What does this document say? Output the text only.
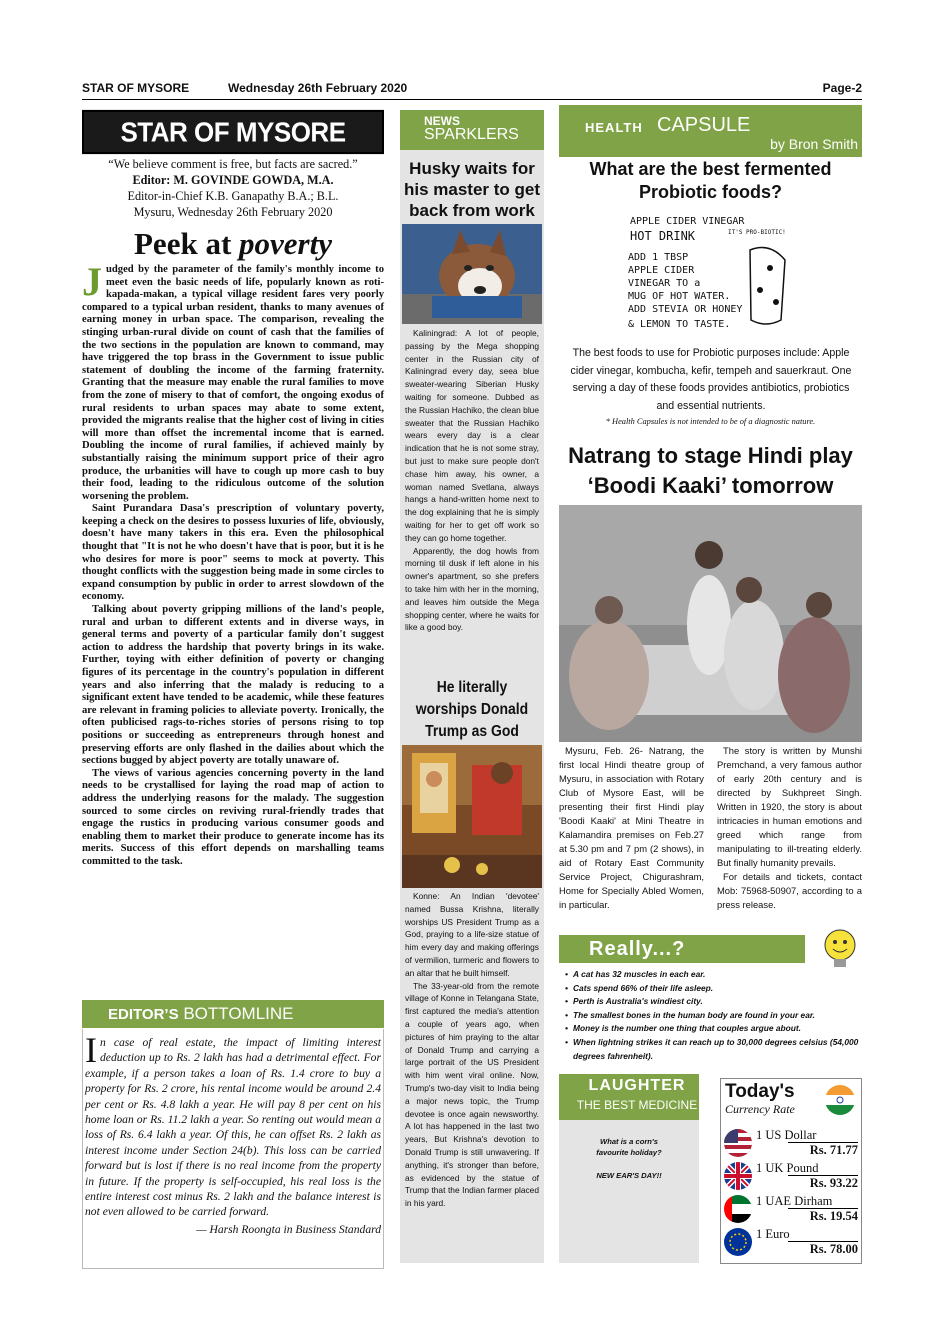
STAR OF MYSORE	Wednesday 26th February 2020	Page-2
STAR OF MYSORE
“We believe comment is free, but facts are sacred.”
Editor: M. GOVINDE GOWDA, M.A.
Editor-in-Chief K.B. Ganapathy B.A.; B.L.
Mysuru, Wednesday 26th February 2020
Peek at poverty

Judged by the parameter of the family's monthly income to meet even the basic needs of life, popularly known as roti-kapada-makan, a typical village resident fares very poorly compared to a typical urban resident, thanks to many avenues of earning money in urban space. The comparison, revealing the stinging urban-rural divide on count of cash that the families of the two sections in the population are known to command, may have triggered the top brass in the Government to issue public statement of doubling the income of the farming fraternity. Granting that the measure may enable the rural families to move from the zone of misery to that of comfort, the ongoing exodus of rural residents to urban spaces may abate to some extent, provided the migrants realise that the higher cost of living in cities will more than offset the incremental income that is earned. Doubling the income of rural families, if achieved mainly by substantially raising the minimum support price of their agro produce, the urbanities will have to cough up more cash to buy their food, leading to the ridiculous outcome of the solution worsening the problem.

Saint Purandara Dasa's prescription of voluntary poverty, keeping a check on the desires to possess luxuries of life, obviously, doesn't have many takers in this era. Even the philosophical thought that "It is not he who doesn't have that is poor, but it is he who desires for more is poor" seems to mock at poverty. This thought conflicts with the suggestion being made in some circles to expand consumption by public in order to arrest slowdown of the economy.

Talking about poverty gripping millions of the land's people, rural and urban to different extents and in diverse ways, in general terms and poverty of a particular family don't suggest action to address the hardship that poverty brings in its wake. Further, toying with either definition of poverty or changing figures of its percentage in the country's population in different years and also inferring that the malady is reducing to a significant extent have tended to be academic, while these features are relevant in framing policies to alleviate poverty. Ironically, the often publicised rags-to-riches stories of persons rising to top positions or succeeding as entrepreneurs through honest and preserving efforts are only flashed in the dailies about which the sections bugged by abject poverty are totally unaware of.

The views of various agencies concerning poverty in the land needs to be crystallised for laying the road map of action to address the underlying reasons for the malady. The suggestion sourced to some circles on reviving rural-friendly trades that engage the rustics in producing various consumer goods and enabling them to market their produce to generate income has its merits. Success of this effort depends on marshalling teams committed to the task.

EDITOR’S BOTTOMLINE
In case of real estate, the impact of limiting interest deduction up to Rs. 2 lakh has had a detrimental effect. For example, if a person takes a loan of Rs. 1.4 crore to buy a property for Rs. 2 crore, his rental income would be around 2.4 per cent or Rs. 4.8 lakh a year. He will pay 8 per cent on his home loan or Rs. 11.2 lakh a year. So renting out would mean a loss of Rs. 6.4 lakh a year. Of this, he can offset Rs. 2 lakh as interest income under Section 24(b). This loss can be carried forward but is lost if there is no real income from the property in future. If the property is self-occupied, his real loss is the entire interest cost minus Rs. 2 lakh and the balance interest is not even allowed to be carried forward.
— Harsh Roongta in Business Standard
NEWS
SPARKLERS
Husky waits for his master to get back from work

Kaliningrad: A lot of people, passing by the Mega shopping center in the Russian city of Kaliningrad every day, seea blue sweater-wearing Siberian Husky waiting for someone. Dubbed as the Russian Hachiko, the clean blue sweater that the Russian Hachiko wears every day is a clear indication that he is not some stray, but just to make sure people don't chase him away, his owner, a woman named Svetlana, always hangs a hand-written home next to the dog explaining that he is simply waiting for her to get off work so they can go home together.

Apparently, the dog howls from morning til dusk if left alone in his owner's apartment, so she prefers to take him with her in the morning, and leaves him outside the Mega shopping center, where he waits for like a good boy.

He literally worships Donald Trump as God

Konne: An Indian 'devotee' named Bussa Krishna, literally worships US President Trump as a God, praying to a life-size statue of him every day and making offerings of vermilion, turmeric and flowers to an altar that he built himself.

The 33-year-old from the remote village of Konne in Telangana State, first captured the media's attention a couple of years ago, when pictures of him praying to the altar of Donald Trump and carrying a large portrait of the US President with him went viral online. Now, Trump's two-day visit to India being a major news topic, the Trump devotee is once again newsworthy. A lot has happened in the last two years, But Krishna's devotion to Donald Trump is still unwavering. If anything, it's stronger than before, as evidenced by the statue of Trump that the Indian farmer placed in his yard.

HEALTH CAPSULE
by Bron Smith
What are the best fermented Probiotic foods?
APPLE CIDER VINEGAR
HOT DRINK
ADD 1 TBSP
APPLE CIDER
VINEGAR TO a
MUG OF HOT WATER.
ADD STEVIA OR HONEY
& LEMON TO TASTE.
IT'S PRO-BIOTIC!
The best foods to use for Probiotic purposes include: Apple cider vinegar, kombucha, kefir, tempeh and sauerkraut. One serving a day of these foods provides antibiotics, probiotics and essential nutrients.
* Health Capsules is not intended to be of a diagnostic nature.
Natrang to stage Hindi play ‘Boodi Kaaki’ tomorrow

Mysuru, Feb. 26- Natrang, the first local Hindi theatre group of Mysuru, in association with Rotary Club of Mysore East, will be presenting their first Hindi play 'Boodi Kaaki' at Mini Theatre in Kalamandira premises on Feb.27 at 5.30 pm and 7 pm (2 shows), in aid of Rotary East Community Service Project, Chigurashram, Home for Specially Abled Women, in particular.

The story is written by Munshi Premchand, a very famous author of early 20th century and is directed by Sukhpreet Singh. Written in 1920, the story is about intricacies in human emotions and greed which range from manipulating to ill-treating elderly. But finally humanity prevails.

For details and tickets, contact Mob: 75968-50907, according to a press release.

Really...?
• A cat has 32 muscles in each ear.
• Cats spend 66% of their life asleep.
• Perth is Australia's windiest city.
• The smallest bones in the human body are found in your ear.
• Money is the number one thing that couples argue about.
• When lightning strikes it can reach up to 30,000 degrees celsius (54,000 degrees fahrenheit).
LAUGHTER
THE BEST MEDICINE
What is a corn's favourite holiday?
NEW EAR'S DAY!!
Today's
Currency Rate
1 US Dollar
Rs. 71.77
1 UK Pound
Rs. 93.22
1 UAE Dirham
Rs. 19.54
1 Euro
Rs. 78.00
